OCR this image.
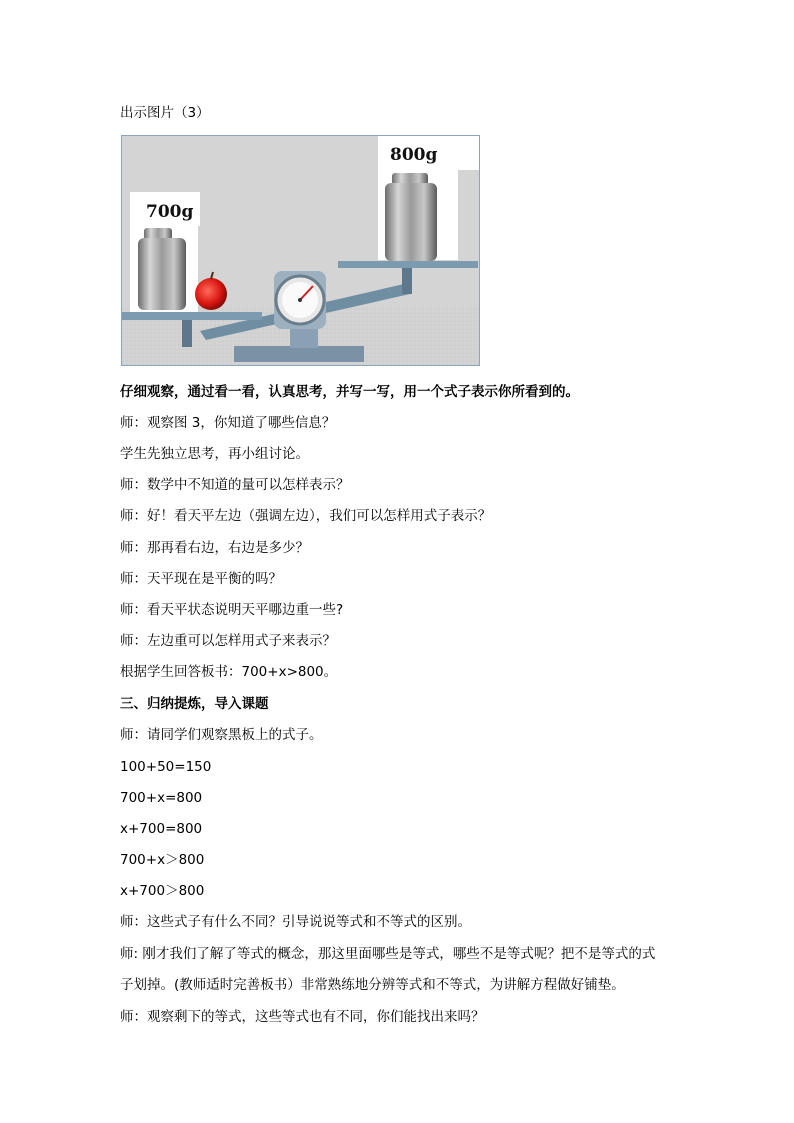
出示图片（3）
700g
800g
仔细观察，通过看一看，认真思考，并写一写，用一个式子表示你所看到的。
师：观察图 3，你知道了哪些信息？
学生先独立思考，再小组讨论。
师：数学中不知道的量可以怎样表示？
师：好！看天平左边（强调左边），我们可以怎样用式子表示？
师：那再看右边，右边是多少？
师：天平现在是平衡的吗？
师：看天平状态说明天平哪边重一些?
师：左边重可以怎样用式子来表示？
根据学生回答板书：700+x>800。
三、归纳提炼，导入课题
师：请同学们观察黑板上的式子。
100+50=150
700+x=800
x+700=800
700+x＞800
x+700＞800
师：这些式子有什么不同？引导说说等式和不等式的区别。
师: 刚才我们了解了等式的概念，那这里面哪些是等式，哪些不是等式呢？把不是等式的式
子划掉。(教师适时完善板书）非常熟练地分辨等式和不等式，为讲解方程做好铺垫。
师：观察剩下的等式，这些等式也有不同，你们能找出来吗？
